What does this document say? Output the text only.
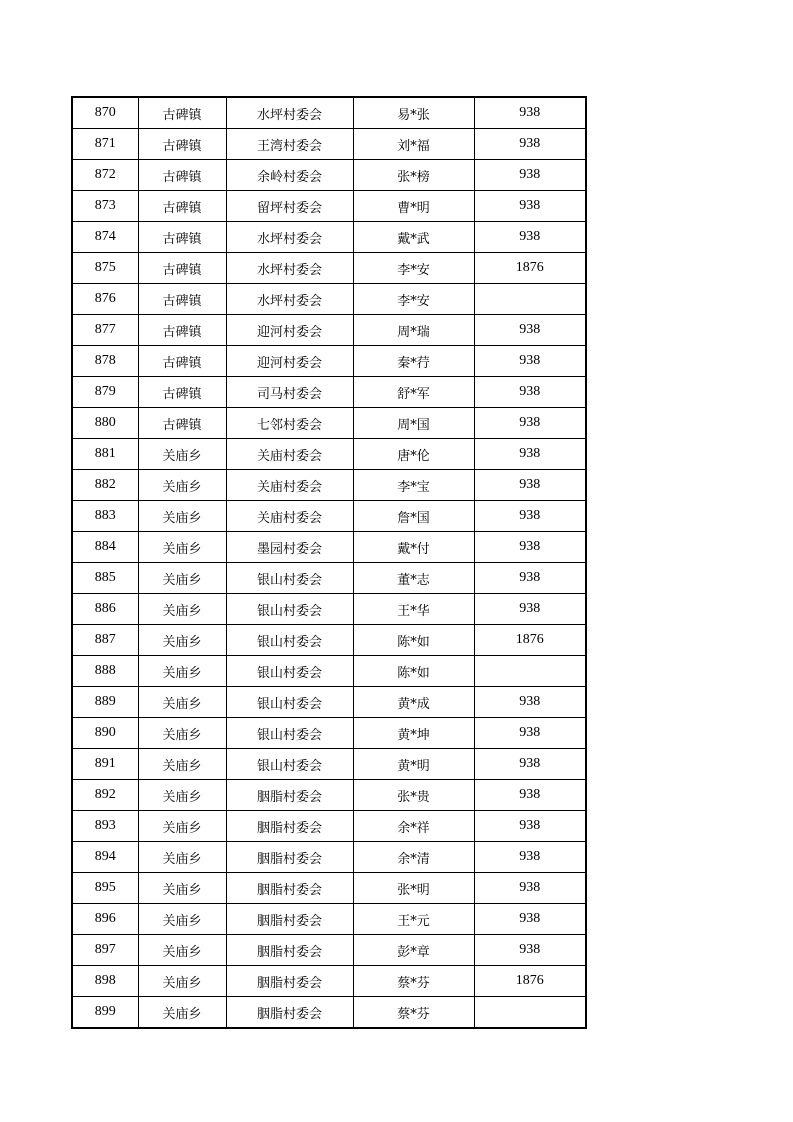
870	古碑镇	水坪村委会	易*张	938
871	古碑镇	王湾村委会	刘*福	938
872	古碑镇	余岭村委会	张*榜	938
873	古碑镇	留坪村委会	曹*明	938
874	古碑镇	水坪村委会	戴*武	938
875	古碑镇	水坪村委会	李*安	1876
876	古碑镇	水坪村委会	李*安	
877	古碑镇	迎河村委会	周*瑞	938
878	古碑镇	迎河村委会	秦*荇	938
879	古碑镇	司马村委会	舒*军	938
880	古碑镇	七邻村委会	周*国	938
881	关庙乡	关庙村委会	唐*伦	938
882	关庙乡	关庙村委会	李*宝	938
883	关庙乡	关庙村委会	詹*国	938
884	关庙乡	墨园村委会	戴*付	938
885	关庙乡	银山村委会	董*志	938
886	关庙乡	银山村委会	王*华	938
887	关庙乡	银山村委会	陈*如	1876
888	关庙乡	银山村委会	陈*如	
889	关庙乡	银山村委会	黄*成	938
890	关庙乡	银山村委会	黄*坤	938
891	关庙乡	银山村委会	黄*明	938
892	关庙乡	胭脂村委会	张*贵	938
893	关庙乡	胭脂村委会	余*祥	938
894	关庙乡	胭脂村委会	余*清	938
895	关庙乡	胭脂村委会	张*明	938
896	关庙乡	胭脂村委会	王*元	938
897	关庙乡	胭脂村委会	彭*章	938
898	关庙乡	胭脂村委会	蔡*芬	1876
899	关庙乡	胭脂村委会	蔡*芬	
